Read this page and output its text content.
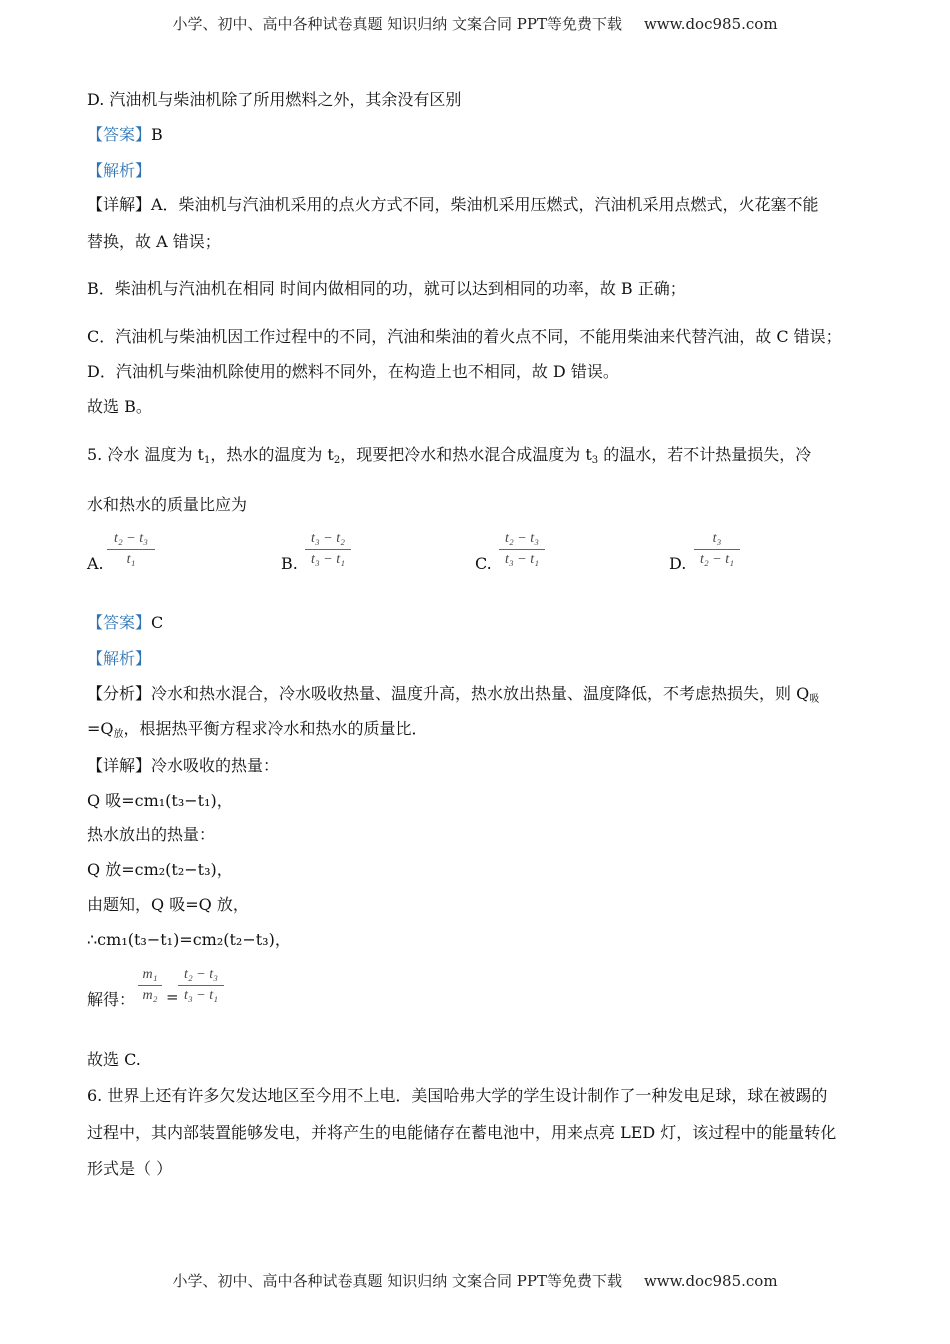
小学、初中、高中各种试卷真题 知识归纳 文案合同 PPT等免费下载 www.doc985.com
D. 汽油机与柴油机除了所用燃料之外，其余没有区别
【答案】B
【解析】
【详解】A．柴油机与汽油机采用的点火方式不同，柴油机采用压燃式，汽油机采用点燃式，火花塞不能
替换，故 A 错误；
B．柴油机与汽油机在相同 时间内做相同的功，就可以达到相同的功率，故 B 正确；
C．汽油机与柴油机因工作过程中的不同，汽油和柴油的着火点不同，不能用柴油来代替汽油，故 C 错误；
D．汽油机与柴油机除使用的燃料不同外，在构造上也不相同，故 D 错误。
故选 B。
5. 冷水 温度为 $t_1$，热水的温度为 $t_2$，现要把冷水和热水混合成温度为 $t_3$ 的温水，若不计热量损失，冷
水和热水的质量比应为
A.
t₂ − t₃
t₁	B.
t₃ − t₂
t₃ − t₁	C.
t₂ − t₃
t₃ − t₁	D.
t₃
t₂ − t₁
【答案】C
【解析】
【分析】冷水和热水混合，冷水吸收热量、温度升高，热水放出热量、温度降低，不考虑热损失，则 $Q_吸$
$=Q_放$，根据热平衡方程求冷水和热水的质量比．
【详解】冷水吸收的热量：
Q 吸=cm₁(t₃−t₁)，
热水放出的热量：
Q 放=cm₂(t₂−t₃)，
由题知，Q 吸=Q 放，
∴cm₁(t₃−t₁)=cm₂(t₂−t₃)，
解得：
m₁
m₂ =
t₂ − t₃
t₃ − t₁
故选 C.
6. 世界上还有许多欠发达地区至今用不上电．美国哈弗大学的学生设计制作了一种发电足球，球在被踢的
过程中，其内部装置能够发电，并将产生的电能储存在蓄电池中，用来点亮 LED 灯，该过程中的能量转化
形式是（ ）
小学、初中、高中各种试卷真题 知识归纳 文案合同 PPT等免费下载 www.doc985.com
